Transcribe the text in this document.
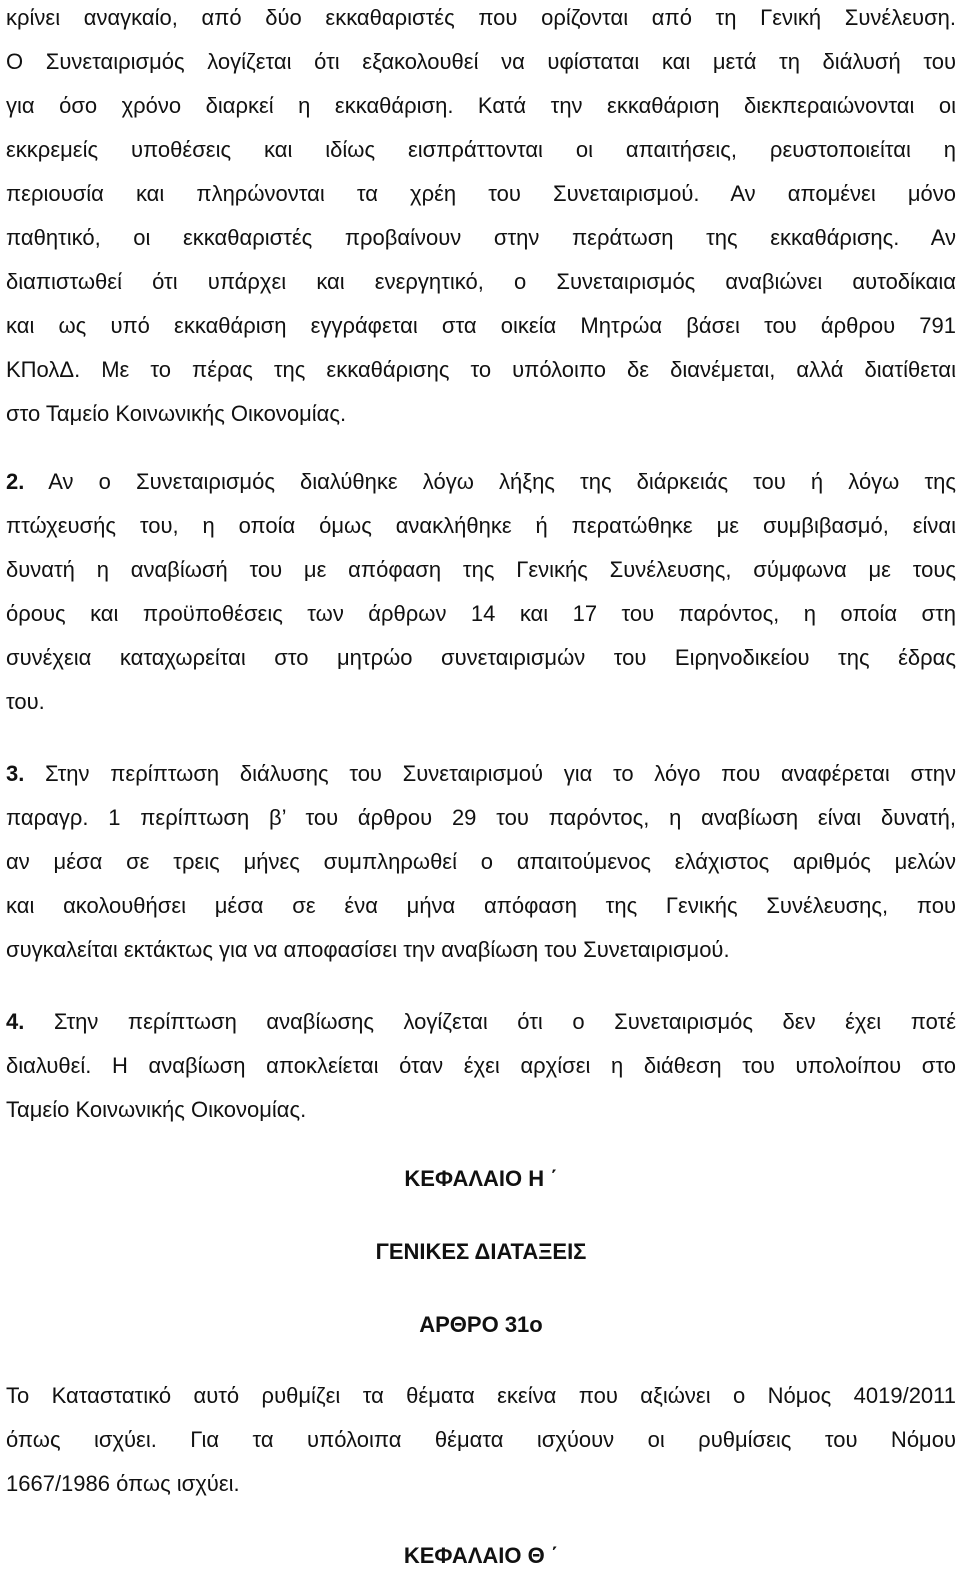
κρίνει αναγκαίο, από δύο εκκαθαριστές που ορίζονται από τη Γενική Συνέλευση.
Ο Συνεταιρισμός λογίζεται ότι εξακολουθεί να υφίσταται και μετά τη διάλυσή του
για όσο χρόνο διαρκεί η εκκαθάριση. Κατά την εκκαθάριση διεκπεραιώνονται οι
εκκρεμείς υποθέσεις και ιδίως εισπράττονται οι απαιτήσεις, ρευστοποιείται η
περιουσία και πληρώνονται τα χρέη του Συνεταιρισμού. Αν απομένει μόνο
παθητικό, οι εκκαθαριστές προβαίνουν στην περάτωση της εκκαθάρισης. Αν
διαπιστωθεί ότι υπάρχει και ενεργητικό, ο Συνεταιρισμός αναβιώνει αυτοδίκαια
και ως υπό εκκαθάριση εγγράφεται στα οικεία Μητρώα βάσει του άρθρου 791
ΚΠολΔ. Με το πέρας της εκκαθάρισης το υπόλοιπο δε διανέμεται, αλλά διατίθεται
στο Ταμείο Κοινωνικής Οικονομίας.
2. Αν ο Συνεταιρισμός διαλύθηκε λόγω λήξης της διάρκειάς του ή λόγω της
πτώχευσής του, η οποία όμως ανακλήθηκε ή περατώθηκε με συμβιβασμό, είναι
δυνατή η αναβίωσή του με απόφαση της Γενικής Συνέλευσης, σύμφωνα με τους
όρους και προϋποθέσεις των άρθρων 14 και 17 του παρόντος, η οποία στη
συνέχεια καταχωρείται στο μητρώο συνεταιρισμών του Ειρηνοδικείου της έδρας
του.
3. Στην περίπτωση διάλυσης του Συνεταιρισμού για το λόγο που αναφέρεται στην
παραγρ. 1 περίπτωση β’ του άρθρου 29 του παρόντος, η αναβίωση είναι δυνατή,
αν μέσα σε τρεις μήνες συμπληρωθεί ο απαιτούμενος ελάχιστος αριθμός μελών
και ακολουθήσει μέσα σε ένα μήνα απόφαση της Γενικής Συνέλευσης, που
συγκαλείται εκτάκτως για να αποφασίσει την αναβίωση του Συνεταιρισμού.
4. Στην περίπτωση αναβίωσης λογίζεται ότι ο Συνεταιρισμός δεν έχει ποτέ
διαλυθεί. Η αναβίωση αποκλείεται όταν έχει αρχίσει η διάθεση του υπολοίπου στο
Ταμείο Κοινωνικής Οικονομίας.
ΚΕΦΑΛΑΙΟ Η ΄
ΓΕΝΙΚΕΣ ΔΙΑΤΑΞΕΙΣ
ΑΡΘΡΟ 31ο
Το Καταστατικό αυτό ρυθμίζει τα θέματα εκείνα που αξιώνει ο Νόμος 4019/2011
όπως ισχύει. Για τα υπόλοιπα θέματα ισχύουν οι ρυθμίσεις του Νόμου
1667/1986 όπως ισχύει.
ΚΕΦΑΛΑΙΟ Θ ΄
